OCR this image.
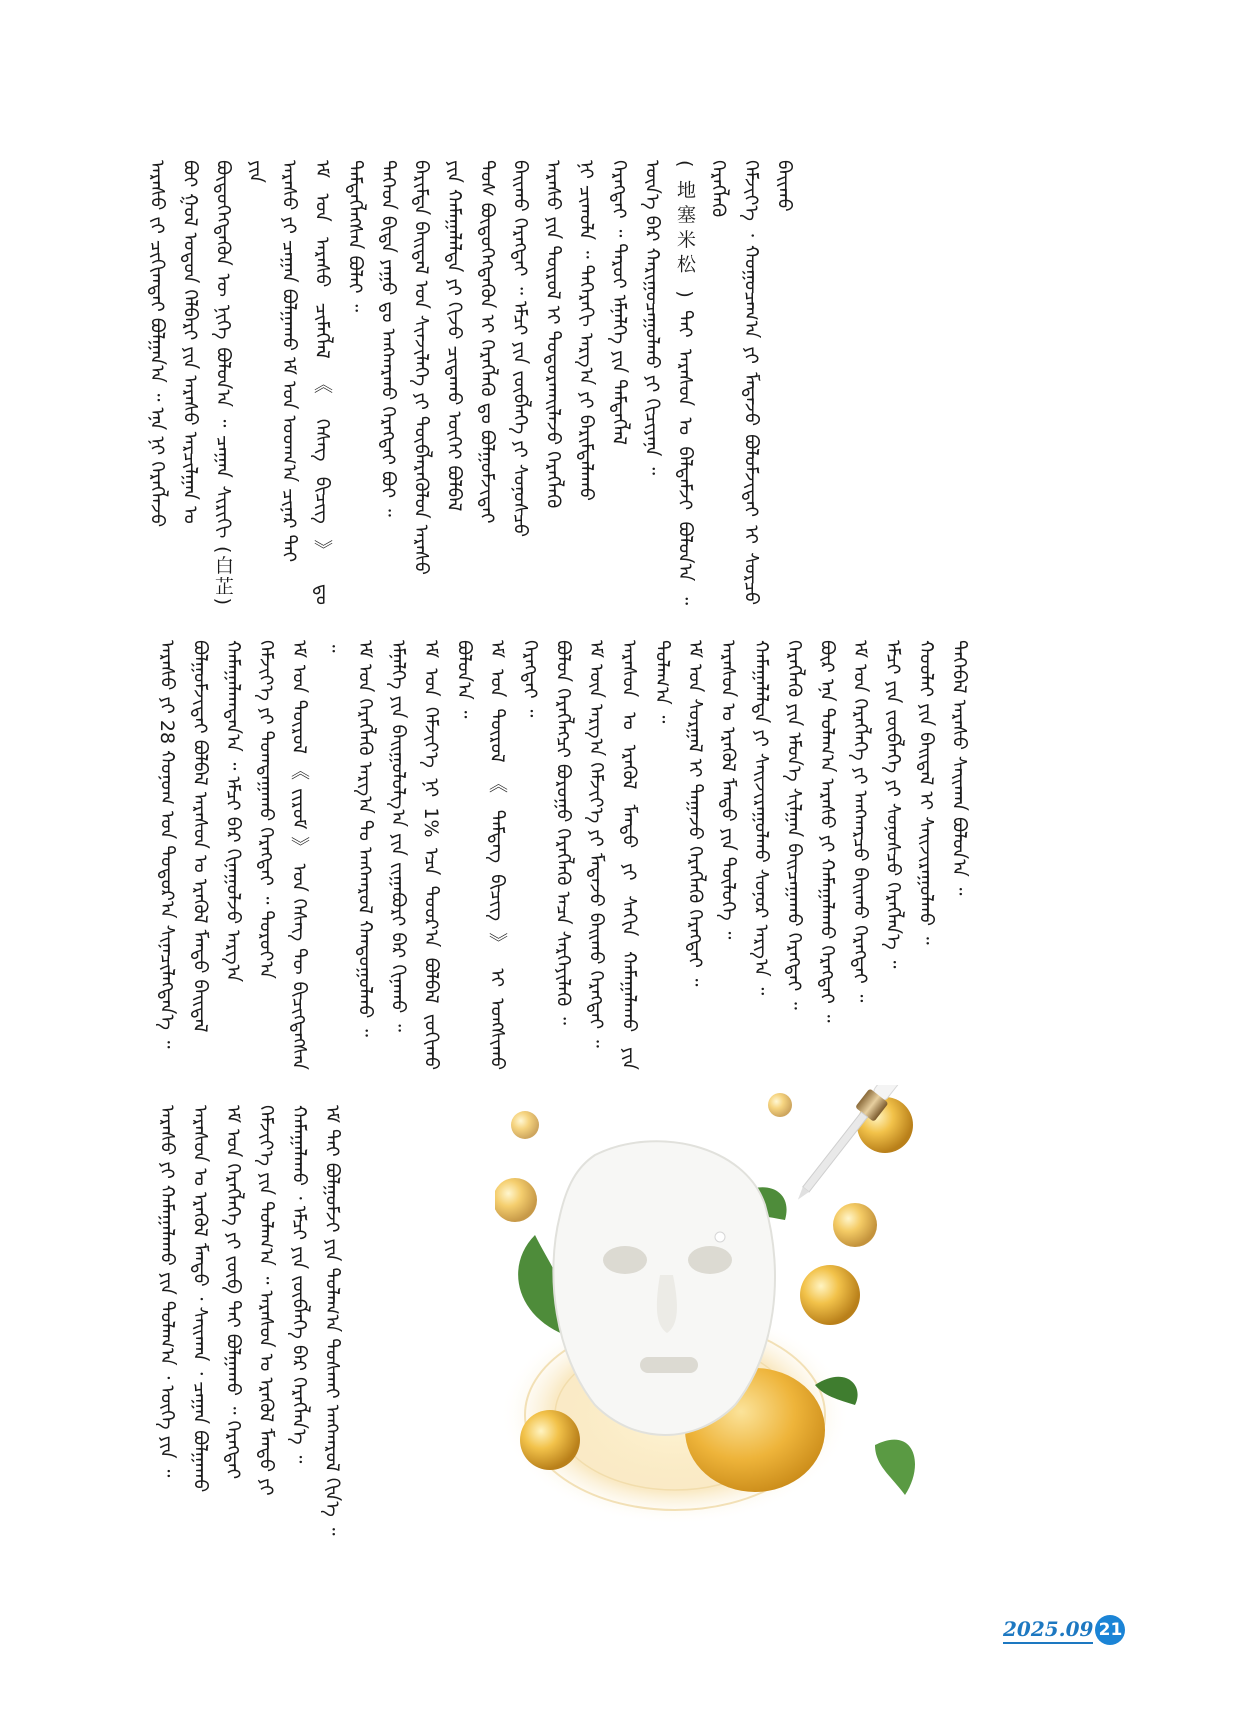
ᠠᠷᠠᠰᠤ ᠵᠢ ᠴᠢᠭᠢᠭᠲᠠᠢ ᠪᠣᠯᠭᠠᠨ᠎ᠠ ᠃ ᠡᠨᠡ ᠨᠢ ᠬᠡᠷᠡᠭᠯᠡᠵᠦ ᠪᠤᠢ ᠭᠣᠯ ᠣᠳᠣᠨ ᠬᠡᠯᠪᠡᠷᠢ ᠶᠢᠨ ᠠᠷᠠᠰᠤ ᠠᠷᠴᠢᠯᠭᠠᠨ ᠤ ᠪᠦᠲᠦᠭᠡᠭᠳᠡᠬᠦᠨ ᠦ ᠨᠢᠭᠡ ᠪᠣᠯᠤᠨ᠎ᠠ ᠃ ᠴᠠᠭᠠᠨ ᠰᠢᠷᠢᠬᠢ (白芷) ᠶᠢᠨ ᠠᠷᠠᠰᠤ ᠶᠢ ᠴᠠᠭᠠᠨ ᠪᠣᠯᠭᠠᠬᠤ ᠡᠮ ᠤᠨ ᠤᠳᠬ᠎ᠠ ᠴᠢᠨᠠᠷ ᠲᠠᠢ ᠡᠮ ᠤᠨ ᠠᠷᠠᠰᠤ ᠴᠢᠮᠡᠭᠯᠡᠯ 《 ᠬᠡᠰᠡᠭ ᠪᠢᠴᠢᠭ 》 ᠳᠤ ᠲᠡᠮᠳᠡᠭᠯᠡᠭᠰᠡᠨ ᠪᠣᠯᠠᠢ ᠃ ᠲᠡᠭᠡᠳ ᠪᠢᠳᠡ ᠶᠠᠭᠤ ᠳᠤ ᠠᠩᠬᠠᠷᠬᠤ ᠬᠡᠷᠡᠭᠲᠡᠢ ᠪᠤᠢ ᠃ ᠪᠠᠷᠢᠮᠲᠠ ᠪᠠᠢᠳᠠᠯ ᠤᠨ ᠰᠢᠨᠵᠢᠯᠡᠭᠡ ᠶᠢ ᠲᠥᠪᠯᠡᠷᠡᠭᠦᠯᠦᠨ ᠠᠷᠠᠰᠤ ᠶᠢᠨ ᠬᠠᠮᠠᠭᠠᠯᠠᠯᠲᠠ ᠶᠢ ᠬᠢᠵᠦ ᠴᠢᠳᠠᠬᠤ ᠦᠭᠡᠢ ᠪᠣᠯᠪᠠᠯ ᠲᠣᠰ ᠪᠦᠲᠦᠭᠡᠭᠳᠡᠬᠦᠨ ᠢ ᠬᠡᠷᠡᠭᠯᠡᠬᠦ ᠳᠤ ᠪᠣᠯᠭᠣᠮᠵᠢᠲᠠᠢ ᠪᠠᠢᠬᠤ ᠬᠡᠷᠡᠭᠲᠡᠢ ᠃ ᠡᠮᠴᠢ ᠶᠢᠨ ᠵᠥᠪᠯᠡᠭᠡ ᠶᠢ ᠰᠣᠨᠣᠰᠴᠤ ᠠᠷᠠᠰᠤ ᠶᠢᠨ ᠲᠥᠷᠥᠯ ᠢ ᠲᠣᠳᠣᠷᠬᠠᠢᠯᠠᠵᠤ ᠬᠡᠷᠡᠭᠯᠡᠬᠦ ᠨᠢ ᠴᠢᠬᠤᠯᠠ ᠃ ᠳᠡᠭᠡᠷᠡᠬᠢ ᠠᠷᠭ᠎ᠠ ᠶᠢ ᠪᠠᠷᠢᠮᠲᠠᠯᠠᠬᠤ ᠬᠡᠷᠡᠭᠲᠡᠢ ᠃ ᠳᠠᠷᠤᠢ ᠡᠮᠨᠡᠯᠭᠡ ᠶᠢᠨ ᠲᠡᠮᠳᠡᠭᠯᠡᠯ ᠦᠨ᠎ᠡ ᠪᠡᠷ ᠬᠠᠷᠢᠭᠤᠴᠠᠭᠤᠯᠬᠤ ᠶᠢ ᠬᠢᠴᠢᠶᠡᠨᠡ ᠃ ( 地塞米松 ) ᠲᠡᠢ ᠠᠷᠠᠰᠤᠨ ᠤ ᠪᠡᠯᠳᠡᠮᠵᠢ ᠪᠣᠯᠤᠨ᠎ᠠ ᠃ ᠬᠡᠷᠡᠭᠯᠡᠬᠦ ᠬᠡᠮᠵᠢᠶ᠎ᠡ ᠂ ᠬᠤᠭᠤᠴᠠᠭ᠎ᠠ ᠶᠢ ᠮᠡᠳᠡᠵᠦ ᠪᠣᠯᠤᠮᠵᠢᠲᠠᠢ ᠢ ᠰᠤᠷᠴᠤ ᠪᠠᠢᠬᠤ
ᠠᠷᠠᠰᠤ ᠶᠢ 28 ᠬᠣᠨᠣᠭ ᠤᠨ ᠳᠣᠲᠣᠷ᠎ᠠ ᠰᠢᠨᠡᠴᠢᠯᠡᠭᠳᠡᠨ᠎ᠡ ᠃ ᠪᠣᠯᠭᠣᠮᠵᠢᠲᠠᠢ ᠪᠣᠯᠪᠠᠯ ᠠᠷᠠᠰᠤᠨ ᠤ ᠡᠷᠡᠭᠦᠯ ᠮᠡᠨᠳᠦ ᠪᠠᠢᠳᠠᠯ ᠬᠠᠮᠠᠭᠠᠯᠠᠭᠳᠠᠨ᠎ᠠ ᠃ ᠡᠮᠴᠢ ᠪᠠᠷ ᠬᠢᠨᠠᠭᠤᠯᠵᠤ ᠠᠷᠭ᠎ᠠ ᠬᠡᠮᠵᠢᠶ᠎ᠡ ᠶᠢ ᠲᠣᠭᠲᠠᠭᠠᠬᠤ ᠬᠡᠷᠡᠭᠲᠡᠢ ᠃ ᠳᠣᠷᠤᠶ᠎ᠠ ᠡᠮ ᠤᠨ ᠲᠥᠷᠥᠯ 《 ᠵᠢᠷᠤᠮ 》 ᠤᠨ ᠬᠡᠰᠡᠭ ᠲᠦ ᠪᠢᠴᠢᠭ᠌ᠳᠡᠭᠰᠡᠨ ᠃ ᠡᠮ ᠤᠨ ᠬᠡᠷᠡᠭᠯᠡᠬᠦ ᠠᠷᠭ᠎ᠠ ᠲᠤ ᠠᠩᠬᠠᠷᠤᠯ ᠬᠠᠨᠳᠤᠭᠤᠯᠬᠤ ᠃ ᠡᠮᠨᠡᠯᠭᠡ ᠶᠢᠨ ᠪᠠᠢᠭᠤᠯᠤᠯᠭ᠎ᠠ ᠶᠢᠨ ᠵᠢᠭᠠᠪᠤᠷᠢ ᠪᠠᠷ ᠬᠢᠨᠠᠬᠤ ᠃ ᠡᠮ ᠤᠨ ᠬᠡᠮᠵᠢᠶ᠎ᠡ ᠨᠢ 1% ᠡᠴᠡ ᠳᠣᠣᠷ᠎ᠠ ᠪᠣᠯᠪᠠᠯ ᠵᠣᠬᠢᠬᠤ ᠪᠣᠯᠤᠨ᠎ᠠ ᠃ ᠡᠮ ᠤᠨ ᠲᠥᠷᠥᠯ 《 ᠲᠡᠮᠳᠡᠭ ᠪᠢᠴᠢᠭ 》 ᠢ ᠤᠩᠰᠢᠬᠤ ᠬᠡᠷᠡᠭᠲᠡᠢ ᠃ ᠪᠣᠯᠤᠨ ᠬᠡᠷᠡᠭᠯᠡᠭᠴᠢ ᠪᠤᠷᠤᠭᠤ ᠬᠡᠷᠡᠭᠯᠡᠬᠦ ᠠᠴᠠ ᠰᠡᠷᠭᠡᠶᠢᠯᠡᠬᠦ ᠃ ᠡᠮ ᠦᠨ ᠠᠷᠭ᠎ᠠ ᠬᠡᠮᠵᠢᠶ᠎ᠡ ᠶᠢ ᠮᠡᠳᠡᠵᠦ ᠪᠠᠢᠬᠤ ᠬᠡᠷᠡᠭᠲᠡᠢ ᠃ ᠠᠷᠠᠰᠤᠨ ᠤ ᠡᠷᠡᠭᠦᠯ ᠮᠡᠨᠳᠦ ᠶᠢ ᠰᠠᠬᠢᠨ ᠬᠠᠮᠠᠭᠠᠯᠠᠬᠤ ᠶᠢᠨ ᠲᠤᠯᠠᠭ᠎ᠠ ᠃ ᠡᠮ ᠤᠨ ᠰᠤᠷᠭᠠᠯ ᠢ ᠳᠠᠭᠠᠵᠤ ᠬᠡᠷᠡᠭᠯᠡᠬᠦ ᠬᠡᠷᠡᠭᠲᠡᠢ ᠃ ᠠᠷᠠᠰᠤᠨ ᠤ ᠡᠷᠡᠭᠦᠯ ᠮᠡᠨᠳᠦ ᠶᠢᠨ ᠲᠥᠯᠥᠭᠡ ᠃ ᠬᠠᠮᠠᠭᠠᠯᠠᠯᠲᠠ ᠶᠢ ᠰᠠᠢᠵᠢᠷᠠᠭᠤᠯᠬᠤ ᠰᠣᠨᠣᠷ ᠠᠷᠭ᠎ᠠ ᠃ ᠬᠡᠷᠡᠭᠯᠡᠬᠦ ᠶᠢᠨ ᠡᠮᠦᠨ᠎ᠡ ᠰᠢᠯᠭᠠᠨ ᠪᠠᠢᠴᠠᠭᠠᠬᠤ ᠬᠡᠷᠡᠭᠲᠡᠢ ᠃ ᠪᠦᠷ ᠡᠨᠡ ᠲᠤᠯᠠᠭ᠎ᠠ ᠠᠷᠠᠰᠤ ᠶᠢ ᠬᠠᠮᠠᠭᠠᠯᠠᠬᠤ ᠬᠡᠷᠡᠭᠲᠡᠢ ᠃ ᠡᠮ ᠤᠨ ᠬᠡᠷᠡᠭᠯᠡᠭᠡ ᠶᠢ ᠠᠩᠬᠠᠷᠴᠤ ᠪᠠᠢᠬᠤ ᠬᠡᠷᠡᠭᠲᠡᠢ ᠃ ᠡᠮᠴᠢ ᠶᠢᠨ ᠵᠥᠪᠯᠡᠭᠡ ᠶᠢ ᠰᠣᠨᠣᠰᠴᠤ ᠬᠡᠷᠡᠭᠯᠡᠨ᠎ᠡ ᠃ ᠬᠣᠣᠯᠠᠢ ᠶᠢᠨ ᠪᠠᠢᠳᠠᠯ ᠢ ᠰᠠᠢᠵᠢᠷᠠᠭᠤᠯᠬᠤ ᠃ ᠲᠡᠭᠡᠪᠡᠯ ᠠᠷᠠᠰᠤ ᠰᠠᠢᠬᠠᠨ ᠪᠣᠯᠤᠨ᠎ᠠ ᠃
ᠠᠷᠠᠰᠤ ᠶᠢ ᠬᠠᠮᠠᠭᠠᠯᠠᠬᠤ ᠶᠢᠨ ᠲᠤᠯᠠᠭ᠎ᠠ ᠂ ᠦᠭᠡ ᠶᠢᠨ ᠃ ᠠᠷᠠᠰᠤᠨ ᠤ ᠡᠷᠡᠭᠦᠯ ᠮᠡᠨᠳᠦ ᠂ ᠰᠠᠢᠬᠠᠨ ᠂ ᠴᠠᠭᠠᠨ ᠪᠣᠯᠭᠠᠬᠤ ᠡᠮ ᠤᠨ ᠬᠡᠷᠡᠭᠯᠡᠭᠡ ᠶᠢ ᠵᠥᠪ ᠲᠡᠢ ᠪᠣᠯᠭᠠᠬᠤ ᠃ ᠬᠡᠷᠡᠭᠲᠡᠢ ᠬᠡᠮᠵᠢᠶ᠎ᠡ ᠶᠢᠨ ᠲᠤᠯᠠᠭ᠎ᠠ ᠃ ᠠᠷᠠᠰᠤᠨ ᠤ ᠡᠷᠡᠭᠦᠯ ᠮᠡᠨᠳᠦ ᠶᠢ ᠬᠠᠮᠠᠭᠠᠯᠠᠬᠤ ᠂ ᠡᠮᠴᠢ ᠶᠢᠨ ᠵᠥᠪᠯᠡᠭᠡ ᠪᠡᠷ ᠬᠡᠷᠡᠭᠯᠡᠨ᠎ᠡ ᠃ ᠡᠮ ᠲᠠᠢ ᠪᠣᠯᠭᠣᠮᠵᠢ ᠶᠢᠨ ᠲᠤᠯᠠᠭ᠎ᠠ ᠲᠤᠰᠬᠠᠢ ᠠᠩᠬᠠᠷᠤᠯ ᠬᠢᠨ᠎ᠡ ᠃
2025.09 21
